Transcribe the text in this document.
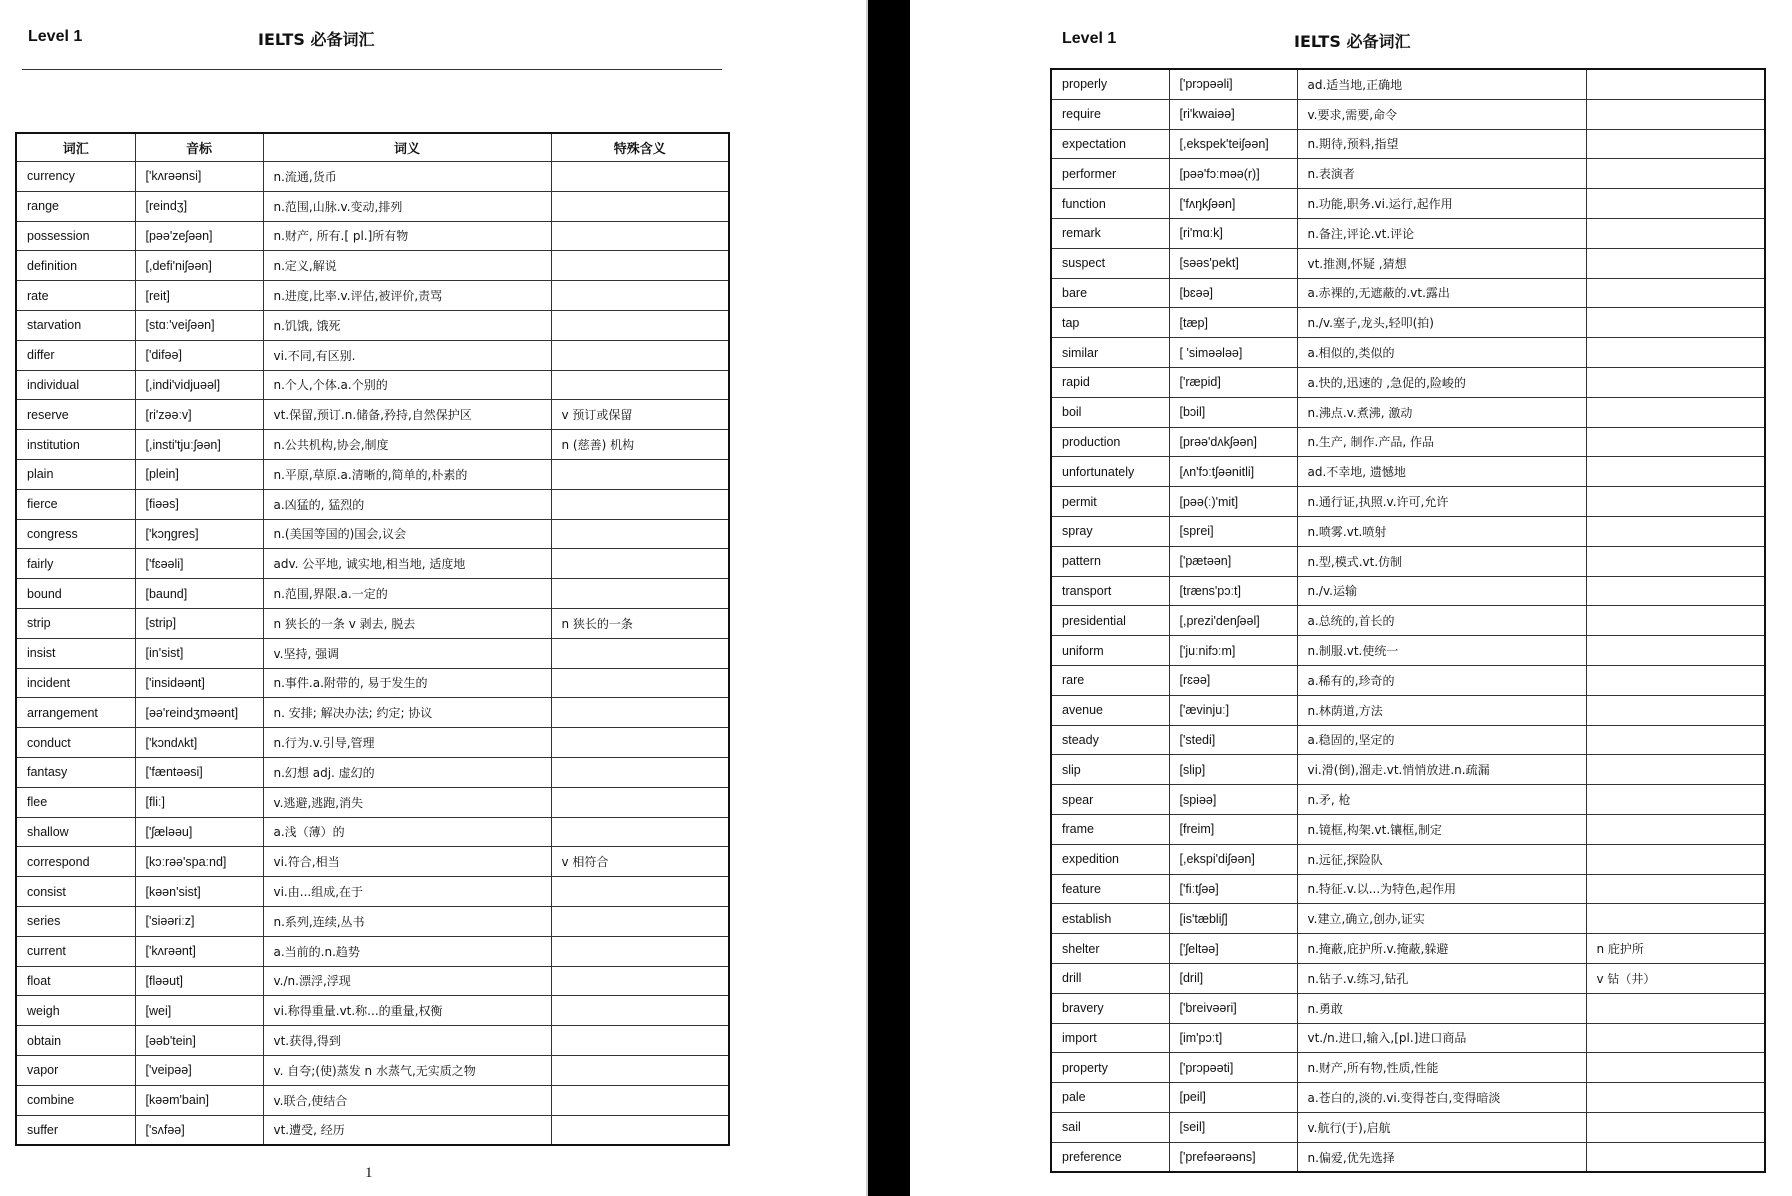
Level 1	IELTS 必备词汇
词汇	音标	词义	特殊含义
currency	['kʌrəənsi]	n.流通,货币	
range	[reindʒ]	n.范围,山脉.v.变动,排列	
possession	[pəə'zeʃəən]	n.财产, 所有.[ pl.]所有物	
definition	[,defi'niʃəən]	n.定义,解说	
rate	[reit]	n.进度,比率.v.评估,被评价,责骂	
starvation	[stɑː'veiʃəən]	n.饥饿, 饿死	
differ	['difəə]	vi.不同,有区别.	
individual	[,indi'vidjuəəl]	n.个人,个体.a.个别的	
reserve	[ri'zəəːv]	vt.保留,预订.n.储备,矜持,自然保护区	v 预订或保留
institution	[,insti'tjuːʃəən]	n.公共机构,协会,制度	n (慈善) 机构
plain	[plein]	n.平原,草原.a.清晰的,简单的,朴素的	
fierce	[fiəəs]	a.凶猛的, 猛烈的	
congress	['kɔŋgres]	n.(美国等国的)国会,议会	
fairly	['fɛəəli]	adv. 公平地, 诚实地,相当地, 适度地	
bound	[baund]	n.范围,界限.a.一定的	
strip	[strip]	n 狭长的一条 v 剥去, 脱去	n 狭长的一条
insist	[in'sist]	v.坚持, 强调	
incident	['insidəənt]	n.事件.a.附带的, 易于发生的	
arrangement	[əə'reindʒməənt]	n. 安排; 解决办法; 约定; 协议	
conduct	['kɔndʌkt]	n.行为.v.引导,管理	
fantasy	['fæntəəsi]	n.幻想 adj. 虚幻的	
flee	[fliː]	v.逃避,逃跑,消失	
shallow	['ʃæləəu]	a.浅（薄）的	
correspond	[kɔːrəə'spaːnd]	vi.符合,相当	v 相符合
consist	[kəən'sist]	vi.由...组成,在于	
series	['siəəriːz]	n.系列,连续,丛书	
current	['kʌrəənt]	a.当前的.n.趋势	
float	[fləəut]	v./n.漂浮,浮现	
weigh	[wei]	vi.称得重量.vt.称...的重量,权衡	
obtain	[əəb'tein]	vt.获得,得到	
vapor	['veipəə]	v. 自夸;(使)蒸发 n 水蒸气,无实质之物	
combine	[kəəm'bain]	v.联合,使结合	
suffer	['sʌfəə]	vt.遭受, 经历	
1
Level 1	IELTS 必备词汇
properly	['prɔpəəli]	ad.适当地,正确地	
require	[ri'kwaiəə]	v.要求,需要,命令	
expectation	[,ekspek'teiʃəən]	n.期待,预料,指望	
performer	[pəə'fɔːməə(r)]	n.表演者	
function	['fʌŋkʃəən]	n.功能,职务.vi.运行,起作用	
remark	[ri'mɑːk]	n.备注,评论.vt.评论	
suspect	[səəs'pekt]	vt.推测,怀疑 ,猜想	
bare	[bɛəə]	a.赤裸的,无遮蔽的.vt.露出	
tap	[tæp]	n./v.塞子,龙头,轻叩(拍)	
similar	[ 'siməələə]	a.相似的,类似的	
rapid	['ræpid]	a.快的,迅速的 ,急促的,险峻的	
boil	[bɔil]	n.沸点.v.煮沸, 激动	
production	[prəə'dʌkʃəən]	n.生产, 制作.产品, 作品	
unfortunately	[ʌn'fɔːtʃəənitli]	ad.不幸地, 遗憾地	
permit	[pəə(ː)'mit]	n.通行证,执照.v.许可,允许	
spray	[sprei]	n.喷雾.vt.喷射	
pattern	['pætəən]	n.型,模式.vt.仿制	
transport	[træns'pɔːt]	n./v.运输	
presidential	[,prezi'denʃəəl]	a.总统的,首长的	
uniform	['juːnifɔːm]	n.制服.vt.使统一	
rare	[rɛəə]	a.稀有的,珍奇的	
avenue	['ævinjuː]	n.林荫道,方法	
steady	['stedi]	a.稳固的,坚定的	
slip	[slip]	vi.滑(倒),溜走.vt.悄悄放进.n.疏漏	
spear	[spiəə]	n.矛, 枪	
frame	[freim]	n.镜框,构架.vt.镶框,制定	
expedition	[,ekspi'diʃəən]	n.远征,探险队	
feature	['fiːtʃəə]	n.特征.v.以...为特色,起作用	
establish	[is'tæbliʃ]	v.建立,确立,创办,证实	
shelter	['ʃeltəə]	n.掩蔽,庇护所.v.掩蔽,躲避	n 庇护所
drill	[dril]	n.钻子.v.练习,钻孔	v 钻（井）
bravery	['breivəəri]	n.勇敢	
import	[im'pɔːt]	vt./n.进口,输入,[pl.]进口商品	
property	['prɔpəəti]	n.财产,所有物,性质,性能	
pale	[peil]	a.苍白的,淡的.vi.变得苍白,变得暗淡	
sail	[seil]	v.航行(于),启航	
preference	['prefəərəəns]	n.偏爱,优先选择	
